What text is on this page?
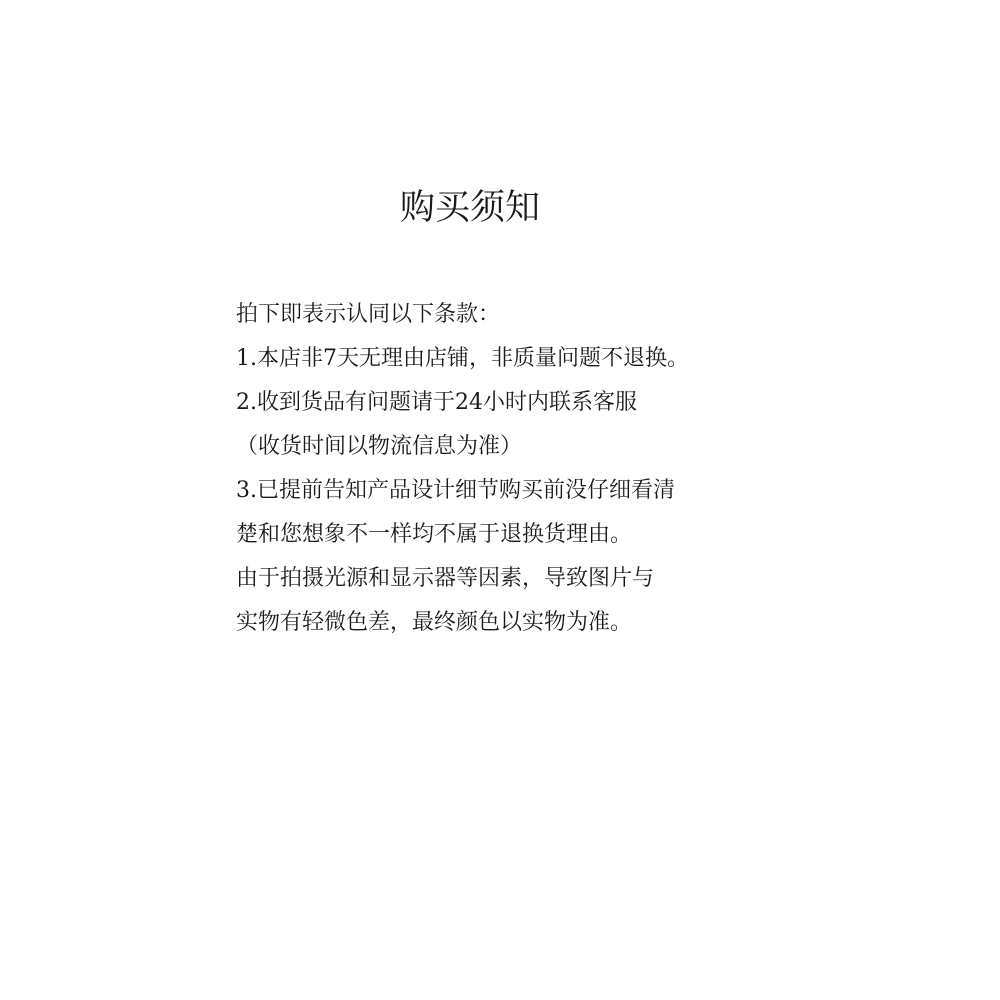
购买须知
拍下即表示认同以下条款：
1.本店非7天无理由店铺，非质量问题不退换。
2.收到货品有问题请于24小时内联系客服
（收货时间以物流信息为准）
3.已提前告知产品设计细节购买前没仔细看清
楚和您想象不一样均不属于退换货理由。
由于拍摄光源和显示器等因素，导致图片与
实物有轻微色差，最终颜色以实物为准。
